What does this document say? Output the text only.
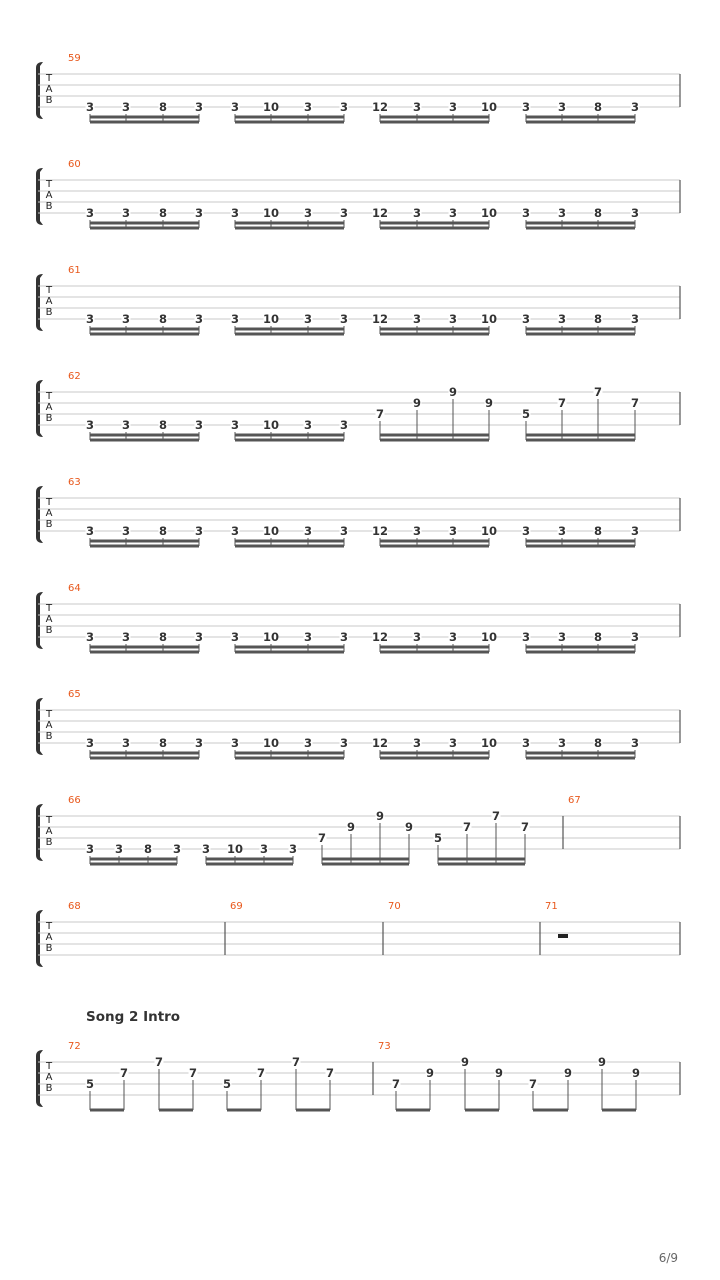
T
A
B
59
3 3	8 3 3 10 3 3 12 3 3 10 3 3 8	3
T
A
B
60
3 3	8 3 3 10 3 3 12 3 3 10 3 3 8	3
T
A
B
61
3 3	8 3 3 10 3 3 12 3 3 10 3 3 8	3
T
A
B
62
3 3	8 3 3 10 3 3
7
9
9
9
5
7
7
7
T
A
B
63
3 3	8 3 3 10 3 3 12 3 3 10 3 3 8	3
T
A
B
64
3 3	8 3 3 10 3 3 12 3 3 10 3 3 8	3
T
A
B
65
3 3	8 3 3 10 3 3 12 3 3 10 3 3 8	3
T
A
B
66
3 3 8 3 3 10 3 3
7
9
9
9
5
7
7
7
67
T
A
B
68	69	70	71
Song 2 Intro
T
A
B
72
5
7
7
7
5
7
7
7
73
7
9
9
9
7
9
9
9
6/9
